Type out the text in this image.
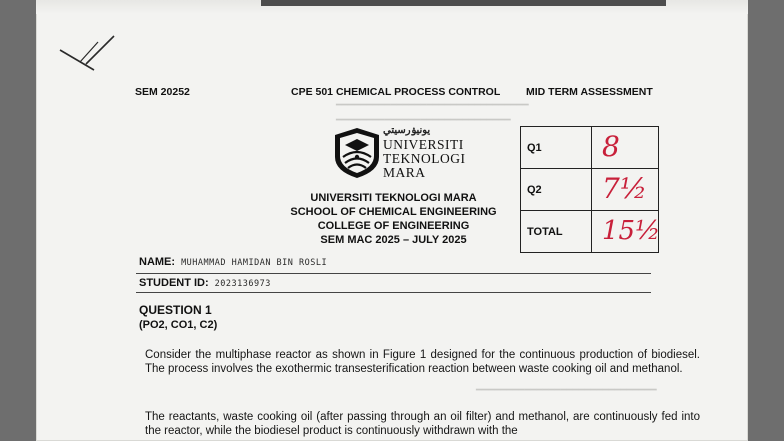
━━━━━━━━━━━━━━━━━━━━━━━━━━━━━━━━
━━━━━━━━━━━━━━━━━━━━━━━━━━━━━
━━━━━━━━━━━━━━━━━━━━━━━━━━━━━━
SEM 20252	CPE 501 CHEMICAL PROCESS CONTROL MID TERM ASSESSMENT
يونيۏرسيتي
UNIVERSITI
TEKNOLOGI
MARA
UNIVERSITI TEKNOLOGI MARA
SCHOOL OF CHEMICAL ENGINEERING
COLLEGE OF ENGINEERING
SEM MAC 2025 – JULY 2025
Q1	8

Q2	7½

TOTAL	15½
NAME: MUHAMMAD HAMIDAN BIN ROSLI
STUDENT ID: 2023136973
QUESTION 1
(PO2, CO1, C2)
Consider the multiphase reactor as shown in Figure 1 designed for the continuous production of biodiesel. The process involves the exothermic transesterification reaction between waste cooking oil and methanol.
The reactants, waste cooking oil (after passing through an oil filter) and methanol, are continuously fed into the reactor, while the biodiesel product is continuously withdrawn with the
